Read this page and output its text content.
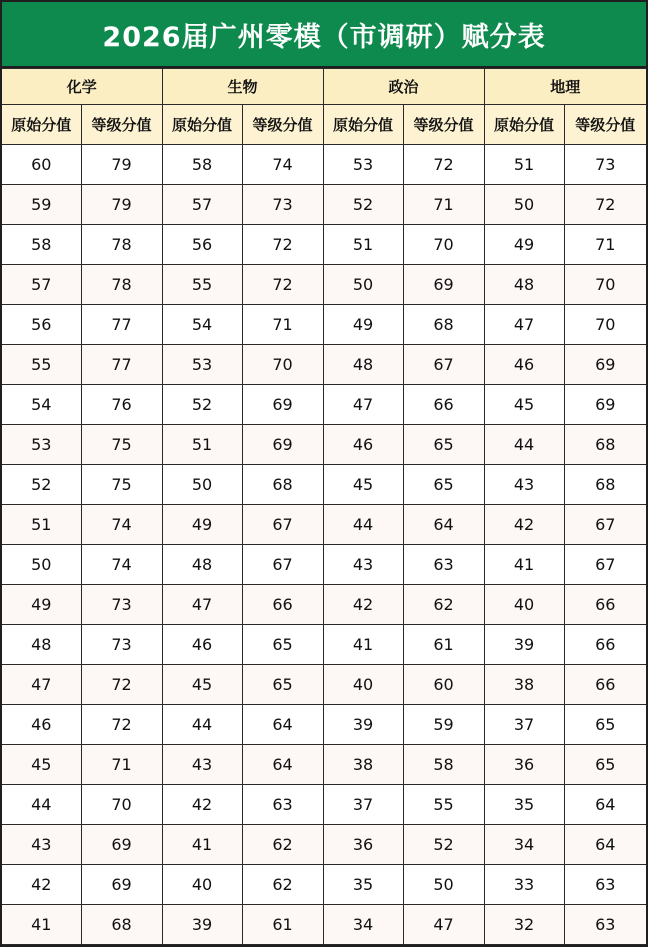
2026届广州零模（市调研）赋分表
化学		生物		政治		地理	
原始分值	等级分值	原始分值	等级分值	原始分值	等级分值	原始分值	等级分值
60	79	58	74	53	72	51	73
59	79	57	73	52	71	50	72
58	78	56	72	51	70	49	71
57	78	55	72	50	69	48	70
56	77	54	71	49	68	47	70
55	77	53	70	48	67	46	69
54	76	52	69	47	66	45	69
53	75	51	69	46	65	44	68
52	75	50	68	45	65	43	68
51	74	49	67	44	64	42	67
50	74	48	67	43	63	41	67
49	73	47	66	42	62	40	66
48	73	46	65	41	61	39	66
47	72	45	65	40	60	38	66
46	72	44	64	39	59	37	65
45	71	43	64	38	58	36	65
44	70	42	63	37	55	35	64
43	69	41	62	36	52	34	64
42	69	40	62	35	50	33	63
41	68	39	61	34	47	32	63
